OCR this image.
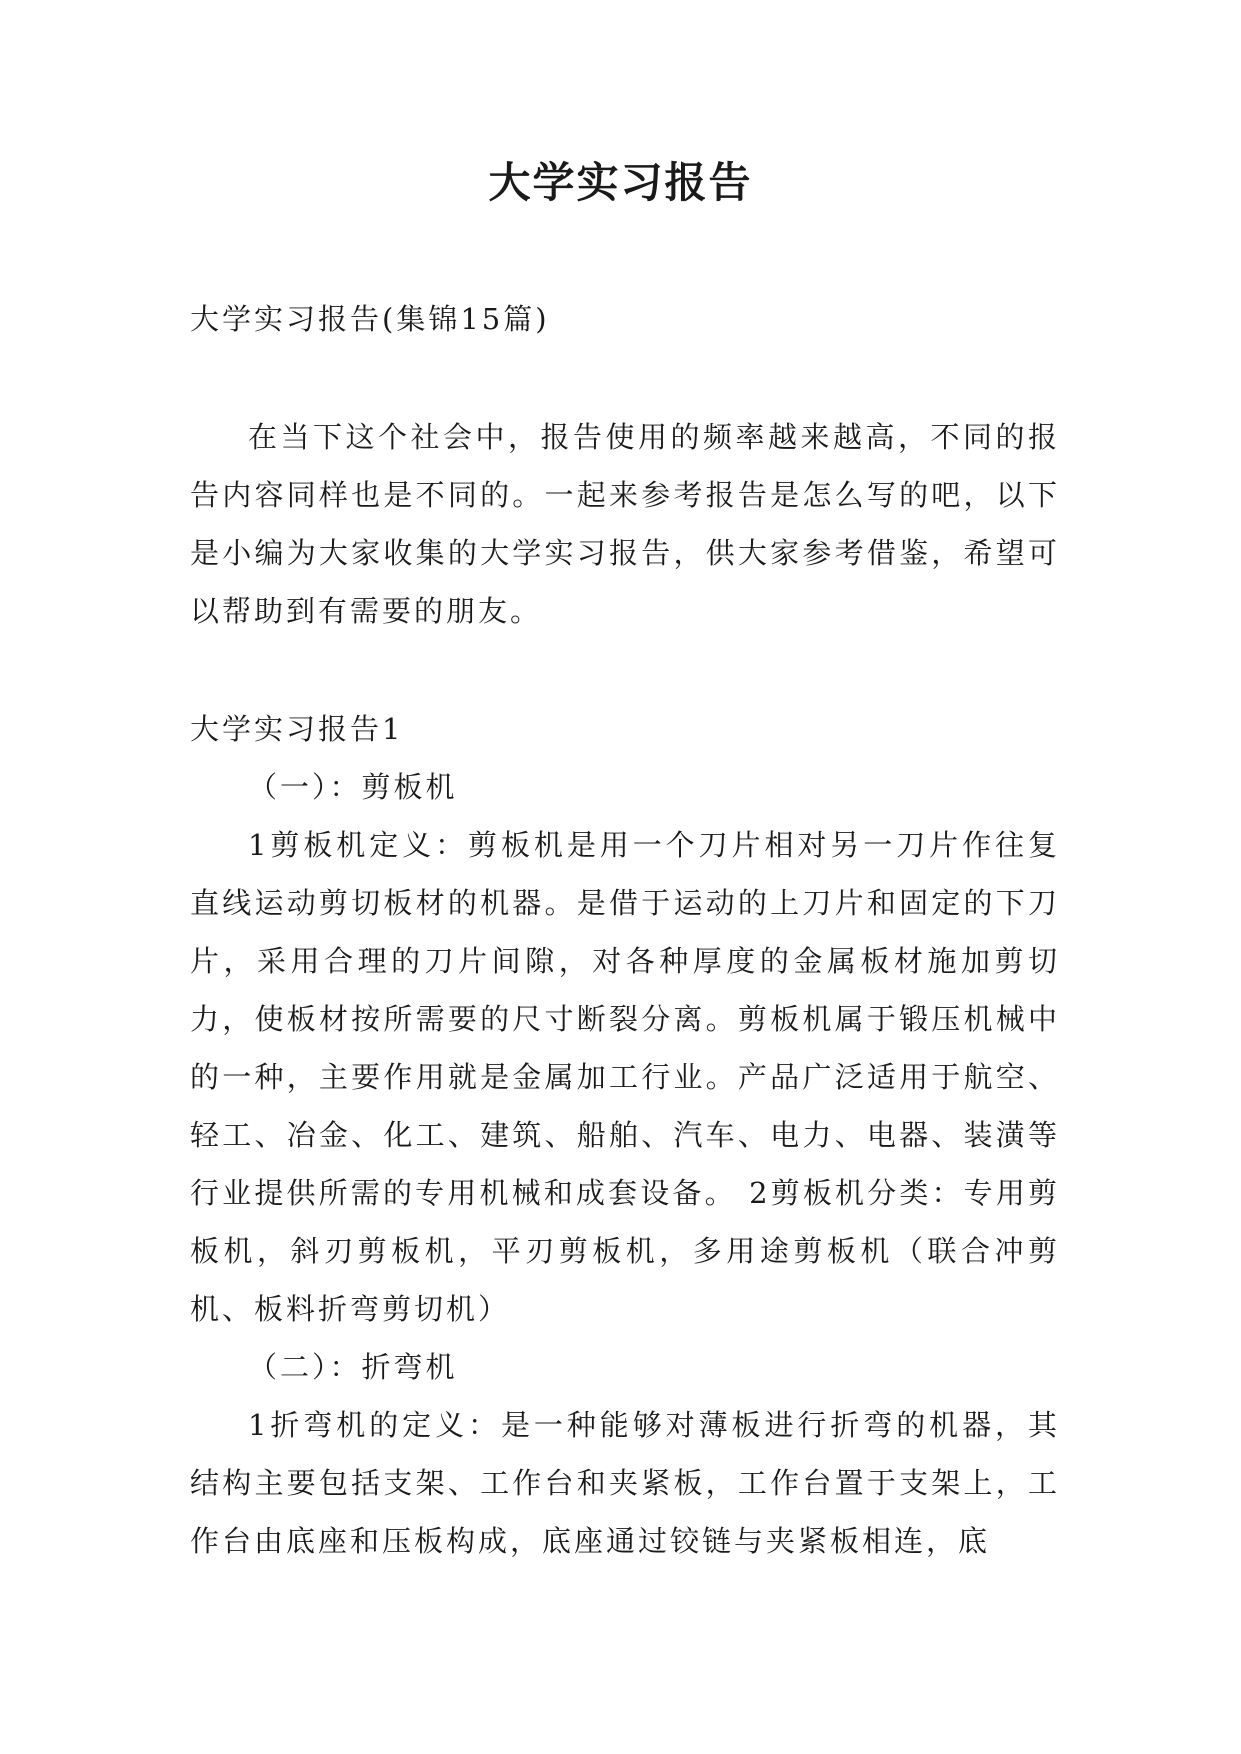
大学实习报告

大学实习报告(集锦15篇)

在当下这个社会中，报告使用的频率越来越高，不同的报告内容同样也是不同的。一起来参考报告是怎么写的吧，以下是小编为大家收集的大学实习报告，供大家参考借鉴，希望可以帮助到有需要的朋友。

大学实习报告1

（一）：剪板机

1剪板机定义：剪板机是用一个刀片相对另一刀片作往复直线运动剪切板材的机器。是借于运动的上刀片和固定的下刀片，采用合理的刀片间隙，对各种厚度的金属板材施加剪切力，使板材按所需要的尺寸断裂分离。剪板机属于锻压机械中的一种，主要作用就是金属加工行业。产品广泛适用于航空、轻工、冶金、化工、建筑、船舶、汽车、电力、电器、装潢等行业提供所需的专用机械和成套设备。 2剪板机分类：专用剪板机，斜刃剪板机，平刃剪板机，多用途剪板机（联合冲剪机、板料折弯剪切机）

（二）：折弯机

1折弯机的定义：是一种能够对薄板进行折弯的机器，其结构主要包括支架、工作台和夹紧板，工作台置于支架上，工作台由底座和压板构成，底座通过铰链与夹紧板相连，底
